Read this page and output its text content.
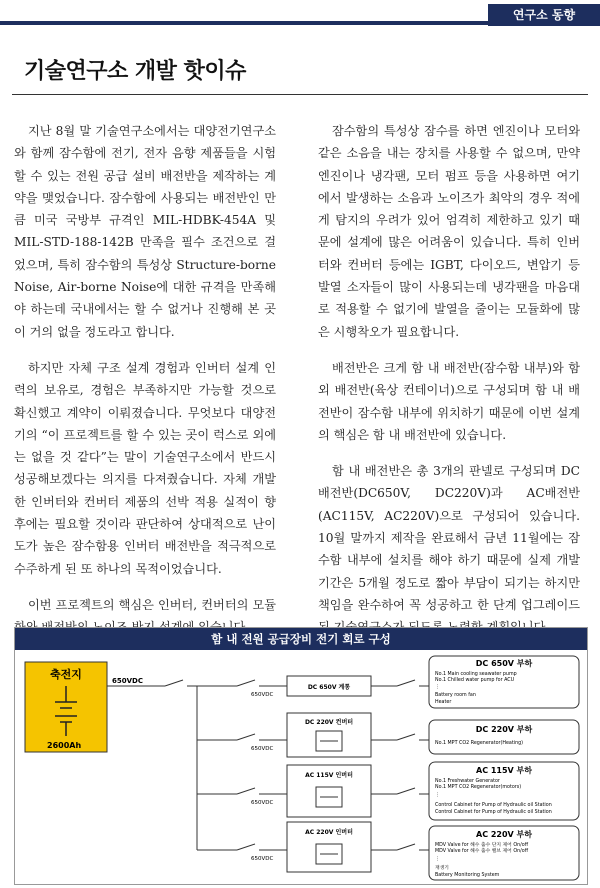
연구소 동향
기술연구소 개발 핫이슈

지난 8월 말 기술연구소에서는 대양전기연구소와 함께 잠수함에 전기, 전자 음향 제품들을 시험할 수 있는 전원 공급 설비 배전반을 제작하는 계약을 맺었습니다. 잠수함에 사용되는 배전반인 만큼 미국 국방부 규격인 MIL-HDBK-454A 및 MIL-STD-188-142B 만족을 필수 조건으로 걸었으며, 특히 잠수함의 특성상 Structure-borne Noise, Air-borne Noise에 대한 규격을 만족해야 하는데 국내에서는 할 수 없거나 진행해 본 곳이 거의 없을 정도라고 합니다.

하지만 자체 구조 설계 경험과 인버터 설계 인력의 보유로, 경험은 부족하지만 가능할 것으로 확신했고 계약이 이뤄졌습니다. 무엇보다 대양전기의 “이 프로젝트를 할 수 있는 곳이 럭스로 외에는 없을 것 같다”는 말이 기술연구소에서 반드시 성공해보겠다는 의지를 다져줬습니다. 자체 개발한 인버터와 컨버터 제품의 선박 적용 실적이 향후에는 필요할 것이라 판단하여 상대적으로 난이도가 높은 잠수함용 인버터 배전반을 적극적으로 수주하게 된 또 하나의 목적이었습니다.

이번 프로젝트의 핵심은 인버터, 컨버터의 모듈

잠수함의 특성상 잠수를 하면 엔진이나 모터와 같은 소음을 내는 장치를 사용할 수 없으며, 만약 엔진이나 냉각팬, 모터 펌프 등을 사용하면 여기에서 발생하는 소음과 노이즈가 최악의 경우 적에게 탐지의 우려가 있어 엄격히 제한하고 있기 때문에 설계에 많은 어려움이 있습니다. 특히 인버터와 컨버터 등에는 IGBT, 다이오드, 변압기 등 발열 소자들이 많이 사용되는데 냉각팬을 마음대로 적용할 수 없기에 발열을 줄이는 모듈화에 많은 시행착오가 필요합니다.

배전반은 크게 함 내 배전반(잠수함 내부)와 함외 배전반(육상 컨테이너)으로 구성되며 함 내 배전반이 잠수함 내부에 위치하기 때문에 이번 설계의 핵심은 함 내 배전반에 있습니다.

함 내 배전반은 총 3개의 판넬로 구성되며 DC 배전반(DC650V, DC220V)과 AC배전반(AC115V, AC220V)으로 구성되어 있습니다. 10월 말까지 제작을 완료해서 금년 11월에는 잠수함 내부에 설치를 해야 하기 때문에 실제 개발 기간은 5개월 정도로 짧아 부담이 되기는 하지만 책임을 완수하여 꼭 성공하고 한 단계 업그레이드

함 내 전원 공급장비 전기 회로 구성
축전지
2600Ah
650VDC
650VDC
DC 650V 계통
650VDC
DC 220V 컨버터
650VDC
AC 115V 인버터
650VDC
AC 220V 인버터
DC 650V 부하
No.1 Main cooling seawater pump
No.1 Chilled water pump for ACU
⋮
Battery room fan
Heater
DC 220V 부하
No.1 MPT CO2 Regenerator(Heating)
AC 115V 부하
No.1 Freshwater Generator
No.1 MPT CO2 Regenerator(motors)
⋮
Control Cabinet for Pump of Hydraulic oil Station
Control Cabinet for Pump of Hydraulic oil Station
AC 220V 부하
MDV Valve for 해수 출수 단지 제어 On/off
MDV Valve for 해수 출수 밸브 제어 On/off
⋮
재생기
Battery Monitoring System
